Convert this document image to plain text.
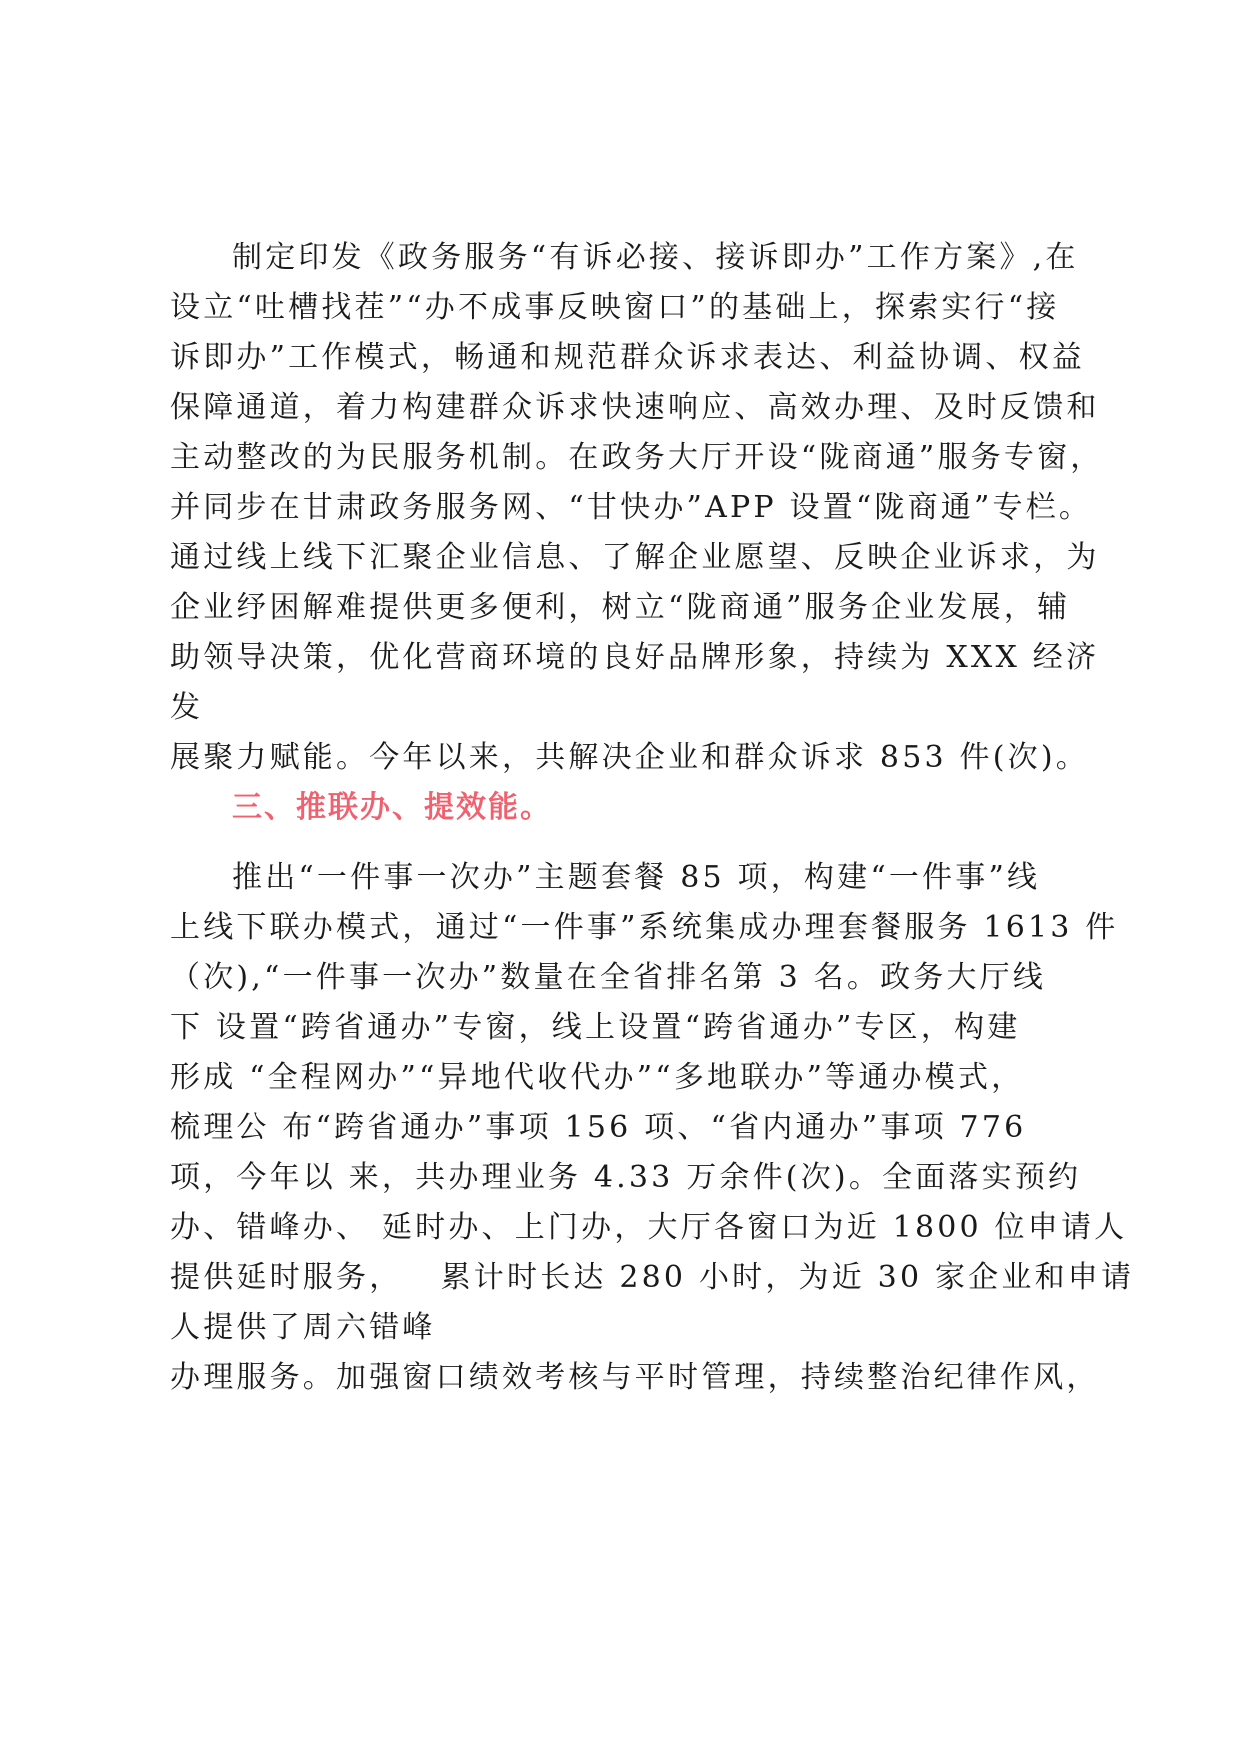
制定印发《政务服务“有诉必接、接诉即办”工作方案》,在
设立“吐槽找茬”“办不成事反映窗口”的基础上，探索实行“接
诉即办”工作模式，畅通和规范群众诉求表达、利益协调、权益
保障通道，着力构建群众诉求快速响应、高效办理、及时反馈和
主动整改的为民服务机制。在政务大厅开设“陇商通”服务专窗，
并同步在甘肃政务服务网、“甘快办”APP 设置“陇商通”专栏。
通过线上线下汇聚企业信息、了解企业愿望、反映企业诉求，为
企业纾困解难提供更多便利，树立“陇商通”服务企业发展，辅
助领导决策，优化营商环境的良好品牌形象，持续为 XXX 经济
发
展聚力赋能。今年以来，共解决企业和群众诉求 853 件(次)。
三、推联办、提效能。
推出“一件事一次办”主题套餐 85 项，构建“一件事”线
上线下联办模式，通过“一件事”系统集成办理套餐服务 1613 件
（次),“一件事一次办”数量在全省排名第 3 名。政务大厅线
下 设置“跨省通办”专窗，线上设置“跨省通办”专区，构建
形成 “全程网办”“异地代收代办”“多地联办”等通办模式，
梳理公 布“跨省通办”事项 156 项、“省内通办”事项 776
项，今年以 来，共办理业务 4.33 万余件(次)。全面落实预约
办、错峰办、 延时办、上门办，大厅各窗口为近 1800 位申请人
提供延时服务，   累计时长达 280 小时，为近 30 家企业和申请
人提供了周六错峰
办理服务。加强窗口绩效考核与平时管理，持续整治纪律作风，
